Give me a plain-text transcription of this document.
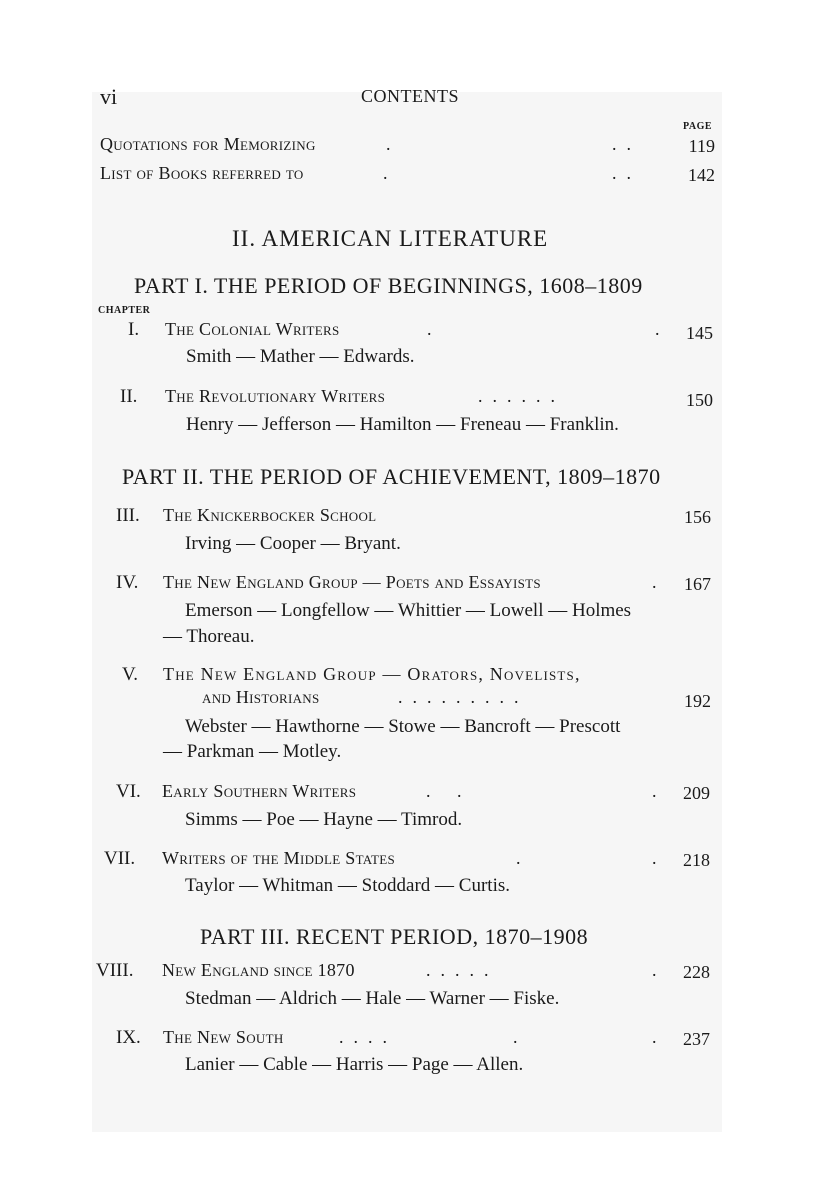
vi	CONTENTS
PAGE
Quotations for Memorizing	.	..	119
List of Books referred to	.	..	142
II. AMERICAN LITERATURE
PART I. THE PERIOD OF BEGINNINGS, 1608–1809
CHAPTER
I. The Colonial Writers	.	. 145
Smith — Mather — Edwards.
II. The Revolutionary Writers	......	150
Henry — Jefferson — Hamilton — Freneau — Franklin.
PART II. THE PERIOD OF ACHIEVEMENT, 1809–1870
III. The Knickerbocker School	156
Irving — Cooper — Bryant.
IV. The New England Group — Poets and Essayists	. 167
Emerson — Longfellow — Whittier — Lowell — Holmes
— Thoreau.
V. The New England Group — Orators, Novelists,
and Historians	.........	192
Webster — Hawthorne — Stowe — Bancroft — Prescott
— Parkman — Motley.
VI. Early Southern Writers	. .	. 209
Simms — Poe — Hayne — Timrod.
VII. Writers of the Middle States	.	. 218
Taylor — Whitman — Stoddard — Curtis.
PART III. RECENT PERIOD, 1870–1908
VIII. New England since 1870	.....	. 228
Stedman — Aldrich — Hale — Warner — Fiske.
IX. The New South	....	.	. 237
Lanier — Cable — Harris — Page — Allen.
